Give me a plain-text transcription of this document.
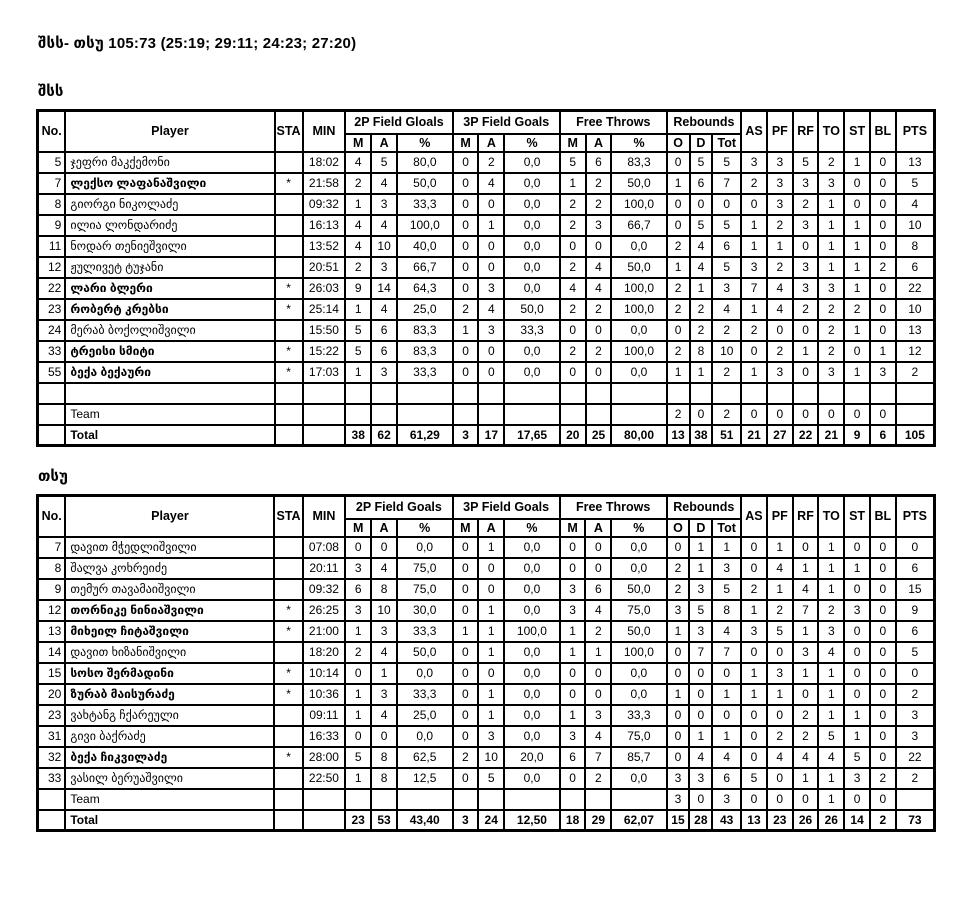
შსს- თსუ 105:73 (25:19; 29:11; 24:23; 27:20)
შსს
No.	Player	STA	MIN	2P Field Gloals			3P Field Goals			Free Throws			Rebounds			AS	PF	RF	TO	ST	BL	PTS
				M	A	%	M	A	%	M	A	%	O	D	Tot							
5	ჯეფრი მაკქემონი		18:02	4	5	80,0	0	2	0,0	5	6	83,3	0	5	5	3	3	5	2	1	0	13
7	ლექსო ლაფანაშვილი	*	21:58	2	4	50,0	0	4	0,0	1	2	50,0	1	6	7	2	3	3	3	0	0	5
8	გიორგი ნიკოლაძე		09:32	1	3	33,3	0	0	0,0	2	2	100,0	0	0	0	0	3	2	1	0	0	4
9	ილია ლონდარიძე		16:13	4	4	100,0	0	1	0,0	2	3	66,7	0	5	5	1	2	3	1	1	0	10
11	ნოდარ თენიეშვილი		13:52	4	10	40,0	0	0	0,0	0	0	0,0	2	4	6	1	1	0	1	1	0	8
12	ჟულივეტ ტუჯანი		20:51	2	3	66,7	0	0	0,0	2	4	50,0	1	4	5	3	2	3	1	1	2	6
22	ლარი ბლერი	*	26:03	9	14	64,3	0	3	0,0	4	4	100,0	2	1	3	7	4	3	3	1	0	22
23	რობერტ კრებსი	*	25:14	1	4	25,0	2	4	50,0	2	2	100,0	2	2	4	1	4	2	2	2	0	10
24	მერაბ ბოქოლიშვილი		15:50	5	6	83,3	1	3	33,3	0	0	0,0	0	2	2	2	0	0	2	1	0	13
33	ტრეისი სმიტი	*	15:22	5	6	83,3	0	0	0,0	2	2	100,0	2	8	10	0	2	1	2	0	1	12
55	ბექა ბექაური	*	17:03	1	3	33,3	0	0	0,0	0	0	0,0	1	1	2	1	3	0	3	1	3	2

	Team												2	0	2	0	0	0	0	0	0	
	Total			38	62	61,29	3	17	17,65	20	25	80,00	13	38	51	21	27	22	21	9	6	105
თსუ
No.	Player	STA	MIN	2P Field Goals			3P Field Goals			Free Throws			Rebounds			AS	PF	RF	TO	ST	BL	PTS
				M	A	%	M	A	%	M	A	%	O	D	Tot							
7	დავით მჭედლიშვილი		07:08	0	0	0,0	0	1	0,0	0	0	0,0	0	1	1	0	1	0	1	0	0	0
8	შალვა კოხრეიძე		20:11	3	4	75,0	0	0	0,0	0	0	0,0	2	1	3	0	4	1	1	1	0	6
9	თემურ თავამაიშვილი		09:32	6	8	75,0	0	0	0,0	3	6	50,0	2	3	5	2	1	4	1	0	0	15
12	თორნიკე ნინიაშვილი	*	26:25	3	10	30,0	0	1	0,0	3	4	75,0	3	5	8	1	2	7	2	3	0	9
13	მიხეილ ჩიტაშვილი	*	21:00	1	3	33,3	1	1	100,0	1	2	50,0	1	3	4	3	5	1	3	0	0	6
14	დავით ხიზანიშვილი		18:20	2	4	50,0	0	1	0,0	1	1	100,0	0	7	7	0	0	3	4	0	0	5
15	სოსო შერმადინი	*	10:14	0	1	0,0	0	0	0,0	0	0	0,0	0	0	0	1	3	1	1	0	0	0
20	ზურაბ მაისურაძე	*	10:36	1	3	33,3	0	1	0,0	0	0	0,0	1	0	1	1	1	0	1	0	0	2
23	ვახტანგ ჩქარეული		09:11	1	4	25,0	0	1	0,0	1	3	33,3	0	0	0	0	0	2	1	1	0	3
31	გივი ბაქრაძე		16:33	0	0	0,0	0	3	0,0	3	4	75,0	0	1	1	0	2	2	5	1	0	3
32	ბექა ჩიკვილაძე	*	28:00	5	8	62,5	2	10	20,0	6	7	85,7	0	4	4	0	4	4	4	5	0	22
33	ვასილ ბერუაშვილი		22:50	1	8	12,5	0	5	0,0	0	2	0,0	3	3	6	5	0	1	1	3	2	2
	Team												3	0	3	0	0	0	1	0	0	
	Total			23	53	43,40	3	24	12,50	18	29	62,07	15	28	43	13	23	26	26	14	2	73
